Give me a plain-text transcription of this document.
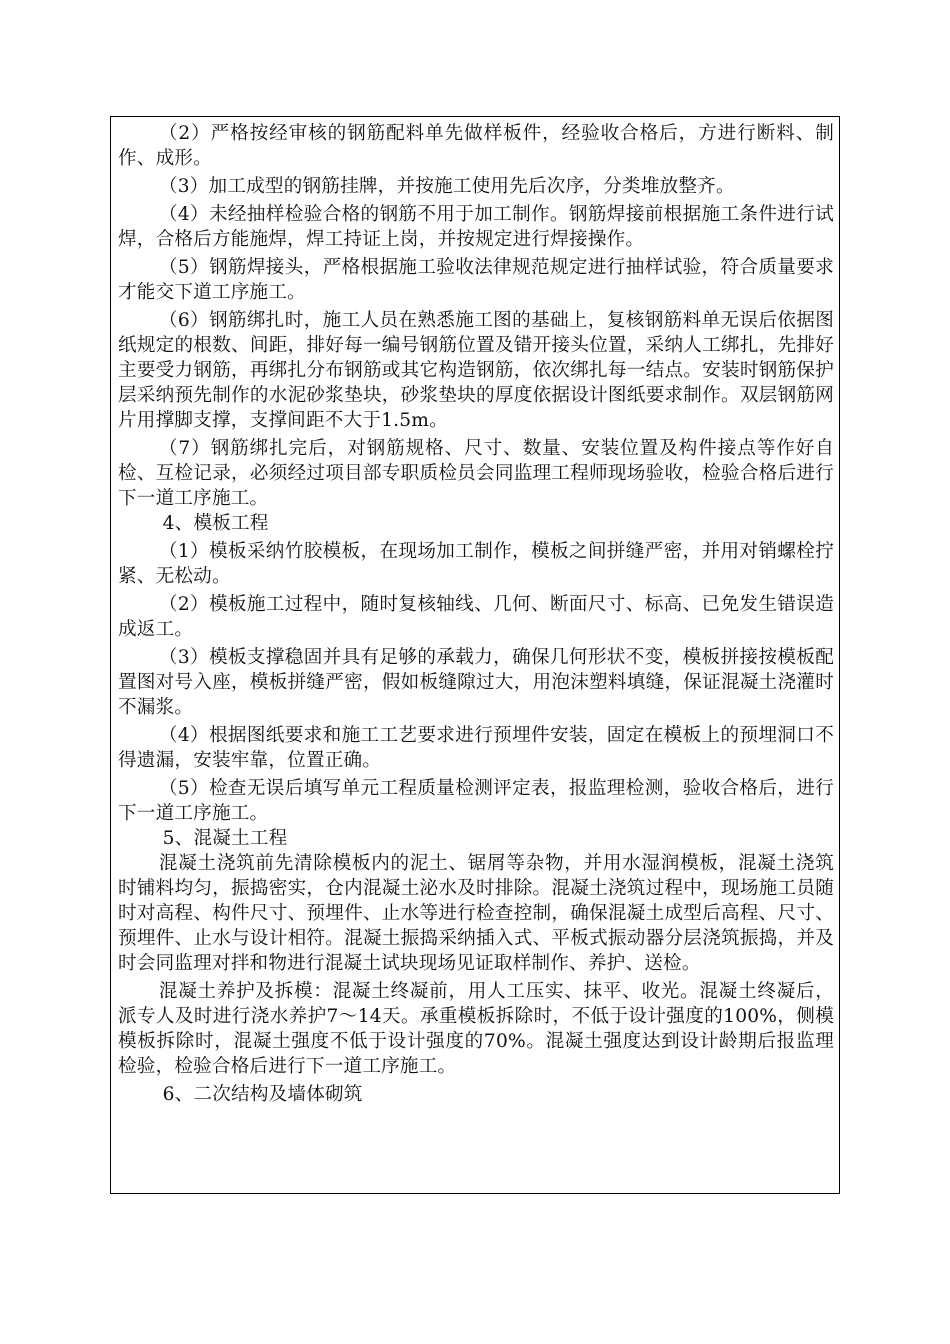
（2）严格按经审核的钢筋配料单先做样板件，经验收合格后，方进行断料、制作、成形。

（3）加工成型的钢筋挂牌，并按施工使用先后次序，分类堆放整齐。

（4）未经抽样检验合格的钢筋不用于加工制作。钢筋焊接前根据施工条件进行试焊，合格后方能施焊，焊工持证上岗，并按规定进行焊接操作。

（5）钢筋焊接头，严格根据施工验收法律规范规定进行抽样试验，符合质量要求才能交下道工序施工。

（6）钢筋绑扎时，施工人员在熟悉施工图的基础上，复核钢筋料单无误后依据图纸规定的根数、间距，排好每一编号钢筋位置及错开接头位置，采纳人工绑扎，先排好主要受力钢筋，再绑扎分布钢筋或其它构造钢筋，依次绑扎每一结点。安装时钢筋保护层采纳预先制作的水泥砂浆垫块，砂浆垫块的厚度依据设计图纸要求制作。双层钢筋网片用撑脚支撑，支撑间距不大于1.5m。

（7）钢筋绑扎完后，对钢筋规格、尺寸、数量、安装位置及构件接点等作好自检、互检记录，必须经过项目部专职质检员会同监理工程师现场验收，检验合格后进行下一道工序施工。

4、模板工程

（1）模板采纳竹胶模板，在现场加工制作，模板之间拼缝严密，并用对销螺栓拧紧、无松动。

（2）模板施工过程中，随时复核轴线、几何、断面尺寸、标高、已免发生错误造成返工。

（3）模板支撑稳固并具有足够的承载力，确保几何形状不变，模板拼接按模板配置图对号入座，模板拼缝严密，假如板缝隙过大，用泡沫塑料填缝，保证混凝土浇灌时不漏浆。

（4）根据图纸要求和施工工艺要求进行预埋件安装，固定在模板上的预埋洞口不得遗漏，安装牢靠，位置正确。

（5）检查无误后填写单元工程质量检测评定表，报监理检测，验收合格后，进行下一道工序施工。

5、混凝土工程

混凝土浇筑前先清除模板内的泥土、锯屑等杂物，并用水湿润模板，混凝土浇筑时铺料均匀，振捣密实，仓内混凝土泌水及时排除。混凝土浇筑过程中，现场施工员随时对高程、构件尺寸、预埋件、止水等进行检查控制，确保混凝土成型后高程、尺寸、预埋件、止水与设计相符。混凝土振捣采纳插入式、平板式振动器分层浇筑振捣，并及时会同监理对拌和物进行混凝土试块现场见证取样制作、养护、送检。

混凝土养护及拆模：混凝土终凝前，用人工压实、抹平、收光。混凝土终凝后，派专人及时进行浇水养护7～14天。承重模板拆除时，不低于设计强度的100%，侧模模板拆除时，混凝土强度不低于设计强度的70%。混凝土强度达到设计龄期后报监理检验，检验合格后进行下一道工序施工。

6、二次结构及墙体砌筑
